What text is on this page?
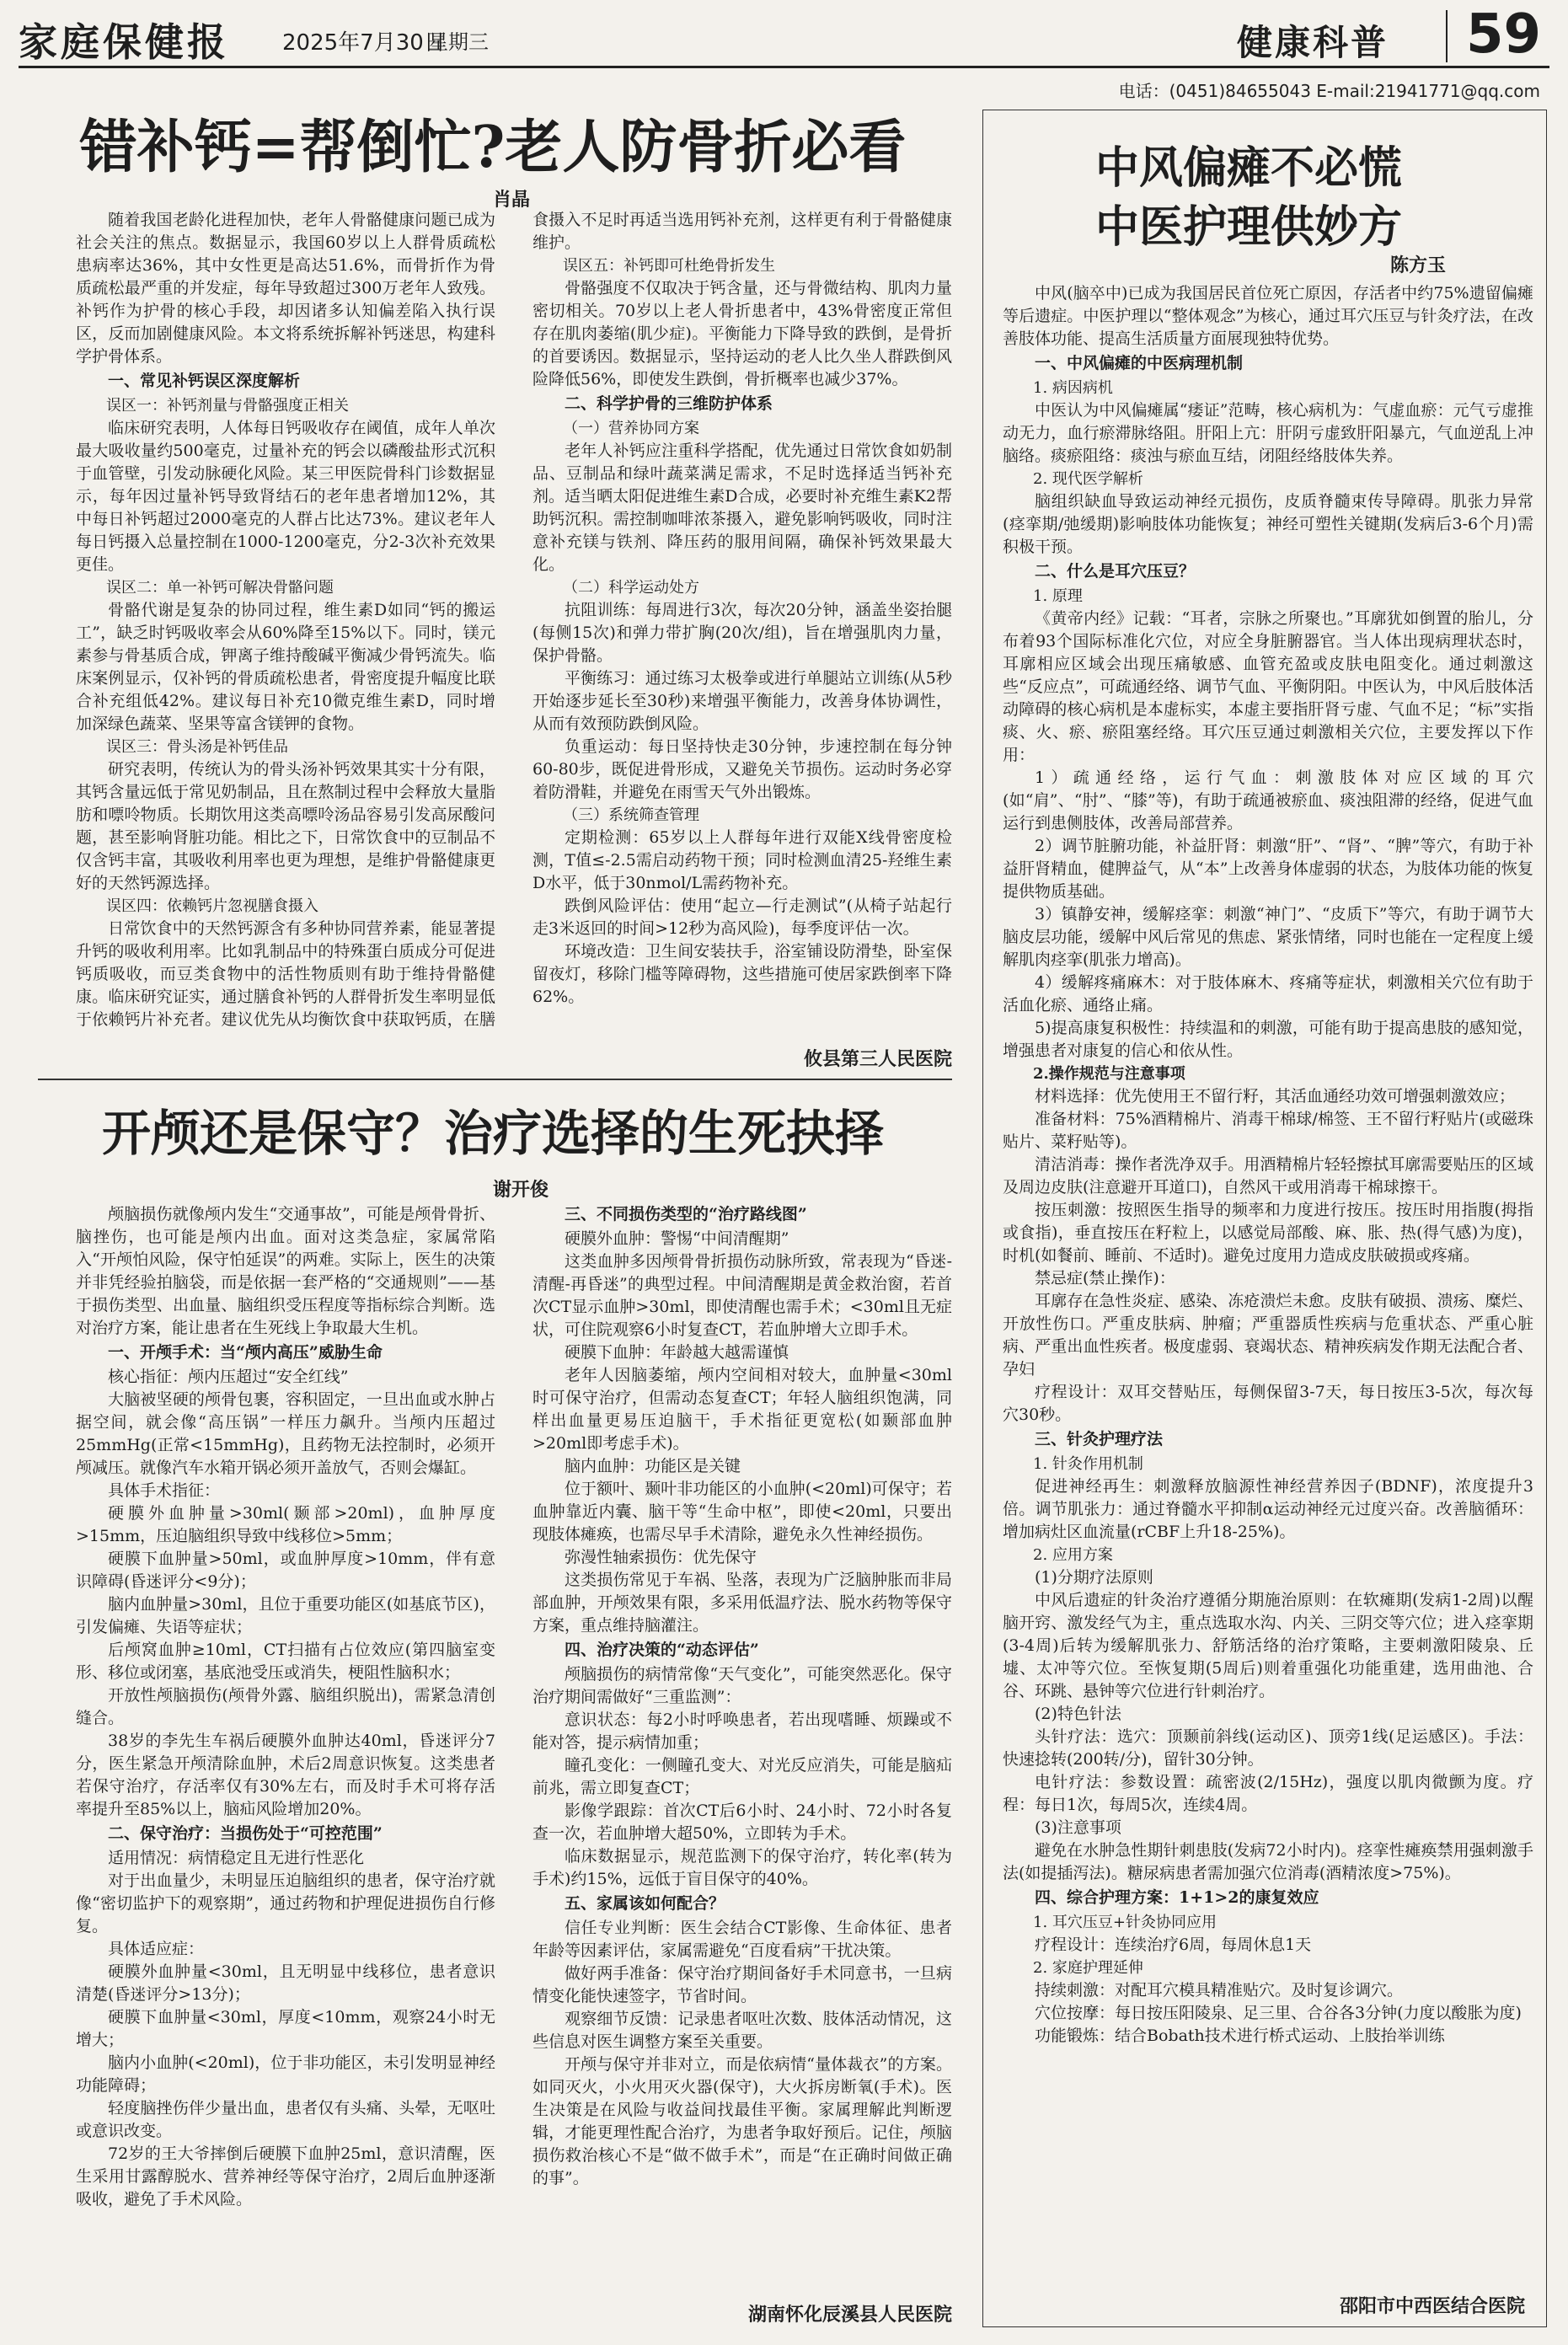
家庭保健报 2025年7月30日
星期三	健康科普 59
电话：(0451)84655043 E-mail:21941771@qq.com
错补钙=帮倒忙?老人防骨折必看
肖晶

随着我国老龄化进程加快，老年人骨骼健康问题已成为社会关注的焦点。数据显示，我国60岁以上人群骨质疏松患病率达36%，其中女性更是高达51.6%，而骨折作为骨质疏松最严重的并发症，每年导致超过300万老年人致残。补钙作为护骨的核心手段，却因诸多认知偏差陷入执行误区，反而加剧健康风险。本文将系统拆解补钙迷思，构建科学护骨体系。

一、常见补钙误区深度解析
误区一：补钙剂量与骨骼强度正相关

临床研究表明，人体每日钙吸收存在阈值，成年人单次最大吸收量约500毫克，过量补充的钙会以磷酸盐形式沉积于血管壁，引发动脉硬化风险。某三甲医院骨科门诊数据显示，每年因过量补钙导致肾结石的老年患者增加12%，其中每日补钙超过2000毫克的人群占比达73%。建议老年人每日钙摄入总量控制在1000-1200毫克，分2-3次补充效果更佳。

误区二：单一补钙可解决骨骼问题

骨骼代谢是复杂的协同过程，维生素D如同“钙的搬运工”，缺乏时钙吸收率会从60%降至15%以下。同时，镁元素参与骨基质合成，钾离子维持酸碱平衡减少骨钙流失。临床案例显示，仅补钙的骨质疏松患者，骨密度提升幅度比联合补充组低42%。建议每日补充10微克维生素D，同时增加深绿色蔬菜、坚果等富含镁钾的食物。

误区三：骨头汤是补钙佳品

研究表明，传统认为的骨头汤补钙效果其实十分有限，其钙含量远低于常见奶制品，且在熬制过程中会释放大量脂肪和嘌呤物质。长期饮用这类高嘌呤汤品容易引发高尿酸问题，甚至影响肾脏功能。相比之下，日常饮食中的豆制品不仅含钙丰富，其吸收利用率也更为理想，是维护骨骼健康更好的天然钙源选择。

误区四：依赖钙片忽视膳食摄入

日常饮食中的天然钙源含有多种协同营养素，能显著提升钙的吸收利用率。比如乳制品中的特殊蛋白质成分可促进钙质吸收，而豆类食物中的活性物质则有助于维持骨骼健康。临床研究证实，通过膳食补钙的人群骨折发生率明显低于依赖钙片补充者。建议优先从均衡饮食中获取钙质，在膳食摄入不足时再适当选用钙补充剂，这样更有利于骨骼健康维护。

误区五：补钙即可杜绝骨折发生

骨骼强度不仅取决于钙含量，还与骨微结构、肌肉力量密切相关。70岁以上老人骨折患者中，43%骨密度正常但存在肌肉萎缩(肌少症)。平衡能力下降导致的跌倒，是骨折的首要诱因。数据显示，坚持运动的老人比久坐人群跌倒风险降低56%，即使发生跌倒，骨折概率也减少37%。

二、科学护骨的三维防护体系
（一）营养协同方案

老年人补钙应注重科学搭配，优先通过日常饮食如奶制品、豆制品和绿叶蔬菜满足需求，不足时选择适当钙补充剂。适当晒太阳促进维生素D合成，必要时补充维生素K2帮助钙沉积。需控制咖啡浓茶摄入，避免影响钙吸收，同时注意补充镁与铁剂、降压药的服用间隔，确保补钙效果最大化。

（二）科学运动处方

抗阻训练：每周进行3次，每次20分钟，涵盖坐姿抬腿(每侧15次)和弹力带扩胸(20次/组)，旨在增强肌肉力量，保护骨骼。

平衡练习：通过练习太极拳或进行单腿站立训练(从5秒开始逐步延长至30秒)来增强平衡能力，改善身体协调性，从而有效预防跌倒风险。

负重运动：每日坚持快走30分钟，步速控制在每分钟60-80步，既促进骨形成，又避免关节损伤。运动时务必穿着防滑鞋，并避免在雨雪天气外出锻炼。

（三）系统筛查管理

定期检测：65岁以上人群每年进行双能X线骨密度检测，T值≤-2.5需启动药物干预；同时检测血清25-羟维生素D水平，低于30nmol/L需药物补充。

跌倒风险评估：使用“起立—行走测试”(从椅子站起行走3米返回的时间>12秒为高风险)，每季度评估一次。

环境改造：卫生间安装扶手，浴室铺设防滑垫，卧室保留夜灯，移除门槛等障碍物，这些措施可使居家跌倒率下降62%。

攸县第三人民医院
开颅还是保守？治疗选择的生死抉择
谢开俊

颅脑损伤就像颅内发生“交通事故”，可能是颅骨骨折、脑挫伤，也可能是颅内出血。面对这类急症，家属常陷入“开颅怕风险，保守怕延误”的两难。实际上，医生的决策并非凭经验拍脑袋，而是依据一套严格的“交通规则”——基于损伤类型、出血量、脑组织受压程度等指标综合判断。选对治疗方案，能让患者在生死线上争取最大生机。

一、开颅手术：当“颅内高压”威胁生命

核心指征：颅内压超过“安全红线”

大脑被坚硬的颅骨包裹，容积固定，一旦出血或水肿占据空间，就会像“高压锅”一样压力飙升。当颅内压超过25mmHg(正常<15mmHg)，且药物无法控制时，必须开颅减压。就像汽车水箱开锅必须开盖放气，否则会爆缸。

具体手术指征：

硬膜外血肿量>30ml(颞部>20ml)，血肿厚度>15mm，压迫脑组织导致中线移位>5mm；

硬膜下血肿量>50ml，或血肿厚度>10mm，伴有意识障碍(昏迷评分<9分)；

脑内血肿量>30ml，且位于重要功能区(如基底节区)，引发偏瘫、失语等症状；

后颅窝血肿≥10ml，CT扫描有占位效应(第四脑室变形、移位或闭塞，基底池受压或消失，梗阻性脑积水；

开放性颅脑损伤(颅骨外露、脑组织脱出)，需紧急清创缝合。

38岁的李先生车祸后硬膜外血肿达40ml，昏迷评分7分，医生紧急开颅清除血肿，术后2周意识恢复。这类患者若保守治疗，存活率仅有30%左右，而及时手术可将存活率提升至85%以上，脑疝风险增加20%。

二、保守治疗：当损伤处于“可控范围”

适用情况：病情稳定且无进行性恶化

对于出血量少，未明显压迫脑组织的患者，保守治疗就像“密切监护下的观察期”，通过药物和护理促进损伤自行修复。

具体适应症：

硬膜外血肿量<30ml，且无明显中线移位，患者意识清楚(昏迷评分>13分)；

硬膜下血肿量<30ml，厚度<10mm，观察24小时无增大；

脑内小血肿(<20ml)，位于非功能区，未引发明显神经功能障碍；

轻度脑挫伤伴少量出血，患者仅有头痛、头晕，无呕吐或意识改变。

72岁的王大爷摔倒后硬膜下血肿25ml，意识清醒，医生采用甘露醇脱水、营养神经等保守治疗，2周后血肿逐渐吸收，避免了手术风险。

三、不同损伤类型的“治疗路线图”

硬膜外血肿：警惕“中间清醒期”

这类血肿多因颅骨骨折损伤动脉所致，常表现为“昏迷-清醒-再昏迷”的典型过程。中间清醒期是黄金救治窗，若首次CT显示血肿>30ml，即使清醒也需手术；<30ml且无症状，可住院观察6小时复查CT，若血肿增大立即手术。

硬膜下血肿：年龄越大越需谨慎

老年人因脑萎缩，颅内空间相对较大，血肿量<30ml时可保守治疗，但需动态复查CT；年轻人脑组织饱满，同样出血量更易压迫脑干，手术指征更宽松(如颞部血肿>20ml即考虑手术)。

脑内血肿：功能区是关键

位于额叶、颞叶非功能区的小血肿(<20ml)可保守；若血肿靠近内囊、脑干等“生命中枢”，即使<20ml，只要出现肢体瘫痪，也需尽早手术清除，避免永久性神经损伤。

弥漫性轴索损伤：优先保守

这类损伤常见于车祸、坠落，表现为广泛脑肿胀而非局部血肿，开颅效果有限，多采用低温疗法、脱水药物等保守方案，重点维持脑灌注。

四、治疗决策的“动态评估”

颅脑损伤的病情常像“天气变化”，可能突然恶化。保守治疗期间需做好“三重监测”：

意识状态：每2小时呼唤患者，若出现嗜睡、烦躁或不能对答，提示病情加重；

瞳孔变化：一侧瞳孔变大、对光反应消失，可能是脑疝前兆，需立即复查CT；

影像学跟踪：首次CT后6小时、24小时、72小时各复查一次，若血肿增大超50%，立即转为手术。

临床数据显示，规范监测下的保守治疗，转化率(转为手术)约15%，远低于盲目保守的40%。

五、家属该如何配合？

信任专业判断：医生会结合CT影像、生命体征、患者年龄等因素评估，家属需避免“百度看病”干扰决策。

做好两手准备：保守治疗期间备好手术同意书，一旦病情变化能快速签字，节省时间。

观察细节反馈：记录患者呕吐次数、肢体活动情况，这些信息对医生调整方案至关重要。

开颅与保守并非对立，而是依病情“量体裁衣”的方案。如同灭火，小火用灭火器(保守)，大火拆房断氧(手术)。医生决策是在风险与收益间找最佳平衡。家属理解此判断逻辑，才能更理性配合治疗，为患者争取好预后。记住，颅脑损伤救治核心不是“做不做手术”，而是“在正确时间做正确的事”。

湖南怀化辰溪县人民医院
中风偏瘫不必慌
中医护理供妙方
陈方玉

中风(脑卒中)已成为我国居民首位死亡原因，存活者中约75%遗留偏瘫等后遗症。中医护理以“整体观念”为核心，通过耳穴压豆与针灸疗法，在改善肢体功能、提高生活质量方面展现独特优势。

一、中风偏瘫的中医病理机制
1. 病因病机

中医认为中风偏瘫属“痿证”范畴，核心病机为：气虚血瘀：元气亏虚推动无力，血行瘀滞脉络阻。肝阳上亢：肝阴亏虚致肝阳暴亢，气血逆乱上冲脑络。痰瘀阻络：痰浊与瘀血互结，闭阻经络肢体失养。

2. 现代医学解析

脑组织缺血导致运动神经元损伤，皮质脊髓束传导障碍。肌张力异常(痉挛期/弛缓期)影响肢体功能恢复；神经可塑性关键期(发病后3-6个月)需积极干预。

二、什么是耳穴压豆？
1. 原理

《黄帝内经》记载：“耳者，宗脉之所聚也。”耳廓犹如倒置的胎儿，分布着93个国际标准化穴位，对应全身脏腑器官。当人体出现病理状态时，耳廓相应区域会出现压痛敏感、血管充盈或皮肤电阻变化。通过刺激这些“反应点”，可疏通经络、调节气血、平衡阴阳。中医认为，中风后肢体活动障碍的核心病机是本虚标实，本虚主要指肝肾亏虚、气血不足；“标”实指痰、火、瘀、瘀阻塞经络。耳穴压豆通过刺激相关穴位，主要发挥以下作用：

1）疏通经络，运行气血：刺激肢体对应区域的耳穴(如“肩”、“肘”、“膝”等)，有助于疏通被瘀血、痰浊阻滞的经络，促进气血运行到患侧肢体，改善局部营养。

2）调节脏腑功能，补益肝肾：刺激“肝”、“肾”、“脾”等穴，有助于补益肝肾精血，健脾益气，从“本”上改善身体虚弱的状态，为肢体功能的恢复提供物质基础。

3）镇静安神，缓解痉挛：刺激“神门”、“皮质下”等穴，有助于调节大脑皮层功能，缓解中风后常见的焦虑、紧张情绪，同时也能在一定程度上缓解肌肉痉挛(肌张力增高)。

4）缓解疼痛麻木：对于肢体麻木、疼痛等症状，刺激相关穴位有助于活血化瘀、通络止痛。

5)提高康复积极性：持续温和的刺激，可能有助于提高患肢的感知觉，增强患者对康复的信心和依从性。

2.操作规范与注意事项

材料选择：优先使用王不留行籽，其活血通经功效可增强刺激效应；

准备材料：75%酒精棉片、消毒干棉球/棉签、王不留行籽贴片(或磁珠贴片、菜籽贴等)。

清洁消毒：操作者洗净双手。用酒精棉片轻轻擦拭耳廓需要贴压的区域及周边皮肤(注意避开耳道口)，自然风干或用消毒干棉球擦干。

按压刺激：按照医生指导的频率和力度进行按压。按压时用指腹(拇指或食指)，垂直按压在籽粒上，以感觉局部酸、麻、胀、热(得气感)为度)，时机(如餐前、睡前、不适时)。避免过度用力造成皮肤破损或疼痛。

禁忌症(禁止操作)：

耳廓存在急性炎症、感染、冻疮溃烂未愈。皮肤有破损、溃疡、糜烂、开放性伤口。严重皮肤病、肿瘤；严重器质性疾病与危重状态、严重心脏病、严重出血性疾者。极度虚弱、衰竭状态、精神疾病发作期无法配合者、孕妇

疗程设计：双耳交替贴压，每侧保留3-7天，每日按压3-5次，每次每穴30秒。

三、针灸护理疗法
1. 针灸作用机制

促进神经再生：刺激释放脑源性神经营养因子(BDNF)，浓度提升3倍。调节肌张力：通过脊髓水平抑制α运动神经元过度兴奋。改善脑循环：增加病灶区血流量(rCBF上升18-25%)。

2. 应用方案

(1)分期疗法原则

中风后遗症的针灸治疗遵循分期施治原则：在软瘫期(发病1-2周)以醒脑开窍、激发经气为主，重点选取水沟、内关、三阴交等穴位；进入痉挛期(3-4周)后转为缓解肌张力、舒筋活络的治疗策略，主要刺激阳陵泉、丘墟、太冲等穴位。至恢复期(5周后)则着重强化功能重建，选用曲池、合谷、环跳、悬钟等穴位进行针刺治疗。

(2)特色针法

头针疗法：选穴：顶颞前斜线(运动区)、顶旁1线(足运感区)。手法：快速捻转(200转/分)，留针30分钟。

电针疗法：参数设置：疏密波(2/15Hz)，强度以肌肉微颤为度。疗程：每日1次，每周5次，连续4周。

(3)注意事项

避免在水肿急性期针刺患肢(发病72小时内)。痉挛性瘫痪禁用强刺激手法(如提插泻法)。糖尿病患者需加强穴位消毒(酒精浓度>75%)。

四、综合护理方案：1+1>2的康复效应
1. 耳穴压豆+针灸协同应用

疗程设计：连续治疗6周，每周休息1天

2. 家庭护理延伸

持续刺激：对配耳穴模具精准贴穴。及时复诊调穴。

穴位按摩：每日按压阳陵泉、足三里、合谷各3分钟(力度以酸胀为度)

功能锻炼：结合Bobath技术进行桥式运动、上肢抬举训练

邵阳市中西医结合医院
